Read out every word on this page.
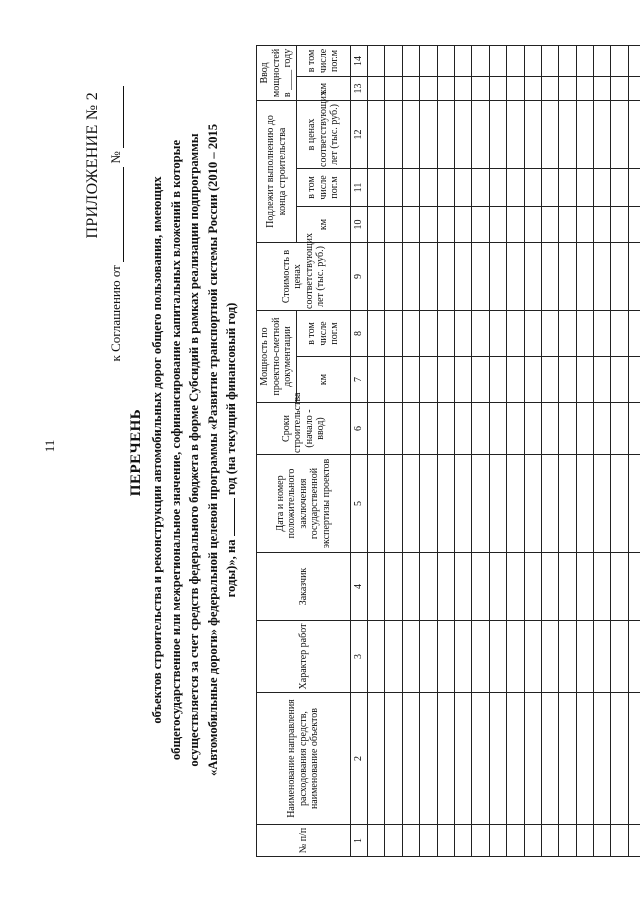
11
ПРИЛОЖЕНИЕ № 2
к Соглашению от  №
ПЕРЕЧЕНЬ объектов строительства и реконструкции автомобильных дорог общего пользования, имеющих общегосударственное или межрегиональное значение, софинансирование капитальных вложений в которые осуществляется за счет средств федерального бюджета в форме Субсидий в рамках реализации подпрограммы «Автомобильные дороги» федеральной целевой программы «Развитие транспортной системы России (2010 – 2015 годы)», на  год (на текущий финансовый год)
№ п/п	Наименование направления расходования средств, наименование объектов	Характер работ	Заказчик	Дата и номер положительного заключения государственной экспертизы проектов	Сроки строительства (начало - ввод)	Мощность по проектно-сметной документации		Стоимость в ценах соответствующих лет (тыс. руб.)	Подлежит выполнению до конца строительства			Ввод мощностей в ____ году	
						км	в том числе пог.м		км	в том числе пог.м	в ценах соответствующих лет (тыс. руб.)	км	в том числе пог.м
1	2	3	4	5	6	7	8	9	10	11	12	13	14
